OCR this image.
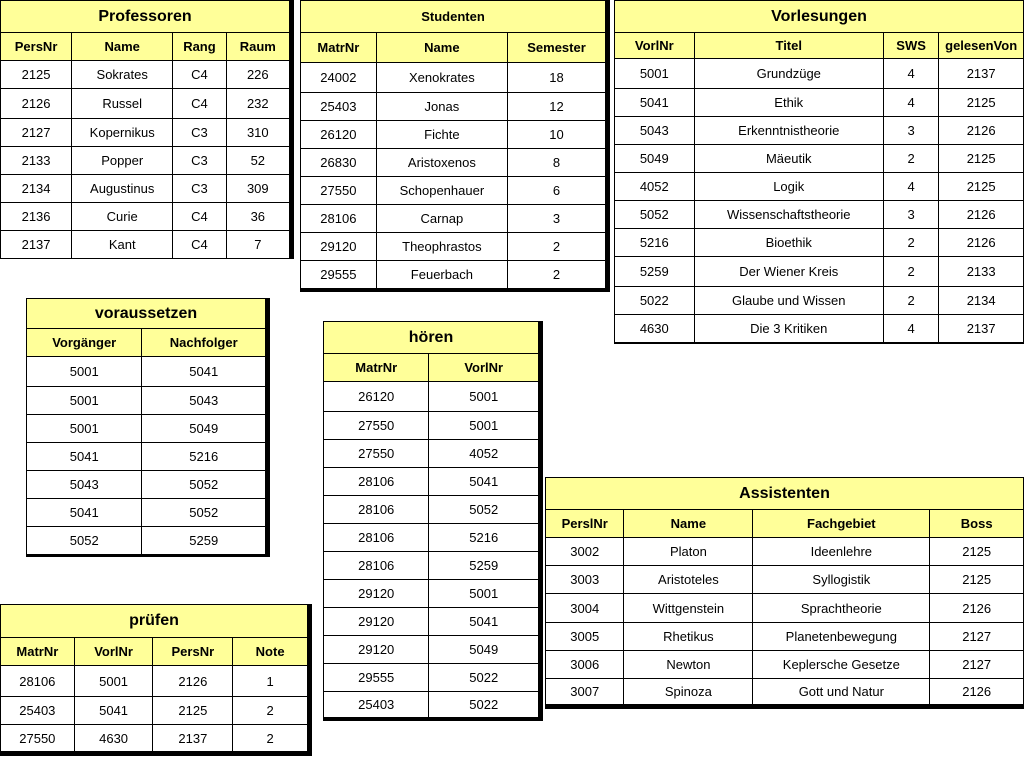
Professoren			
PersNr	Name	Rang	Raum
2125	Sokrates	C4	226
2126	Russel	C4	232
2127	Kopernikus	C3	310
2133	Popper	C3	52
2134	Augustinus	C3	309
2136	Curie	C4	36
2137	Kant	C4	7
Studenten		
MatrNr	Name	Semester
24002	Xenokrates	18
25403	Jonas	12
26120	Fichte	10
26830	Aristoxenos	8
27550	Schopenhauer	6
28106	Carnap	3
29120	Theophrastos	2
29555	Feuerbach	2
Vorlesungen			
VorlNr	Titel	SWS	gelesenVon
5001	Grundzüge	4	2137
5041	Ethik	4	2125
5043	Erkenntnistheorie	3	2126
5049	Mäeutik	2	2125
4052	Logik	4	2125
5052	Wissenschaftstheorie	3	2126
5216	Bioethik	2	2126
5259	Der Wiener Kreis	2	2133
5022	Glaube und Wissen	2	2134
4630	Die 3 Kritiken	4	2137
voraussetzen	
Vorgänger	Nachfolger
5001	5041
5001	5043
5001	5049
5041	5216
5043	5052
5041	5052
5052	5259
hören	
MatrNr	VorlNr
26120	5001
27550	5001
27550	4052
28106	5041
28106	5052
28106	5216
28106	5259
29120	5001
29120	5041
29120	5049
29555	5022
25403	5022
Assistenten			
PerslNr	Name	Fachgebiet	Boss
3002	Platon	Ideenlehre	2125
3003	Aristoteles	Syllogistik	2125
3004	Wittgenstein	Sprachtheorie	2126
3005	Rhetikus	Planetenbewegung	2127
3006	Newton	Keplersche Gesetze	2127
3007	Spinoza	Gott und Natur	2126
prüfen			
MatrNr	VorlNr	PersNr	Note
28106	5001	2126	1
25403	5041	2125	2
27550	4630	2137	2
